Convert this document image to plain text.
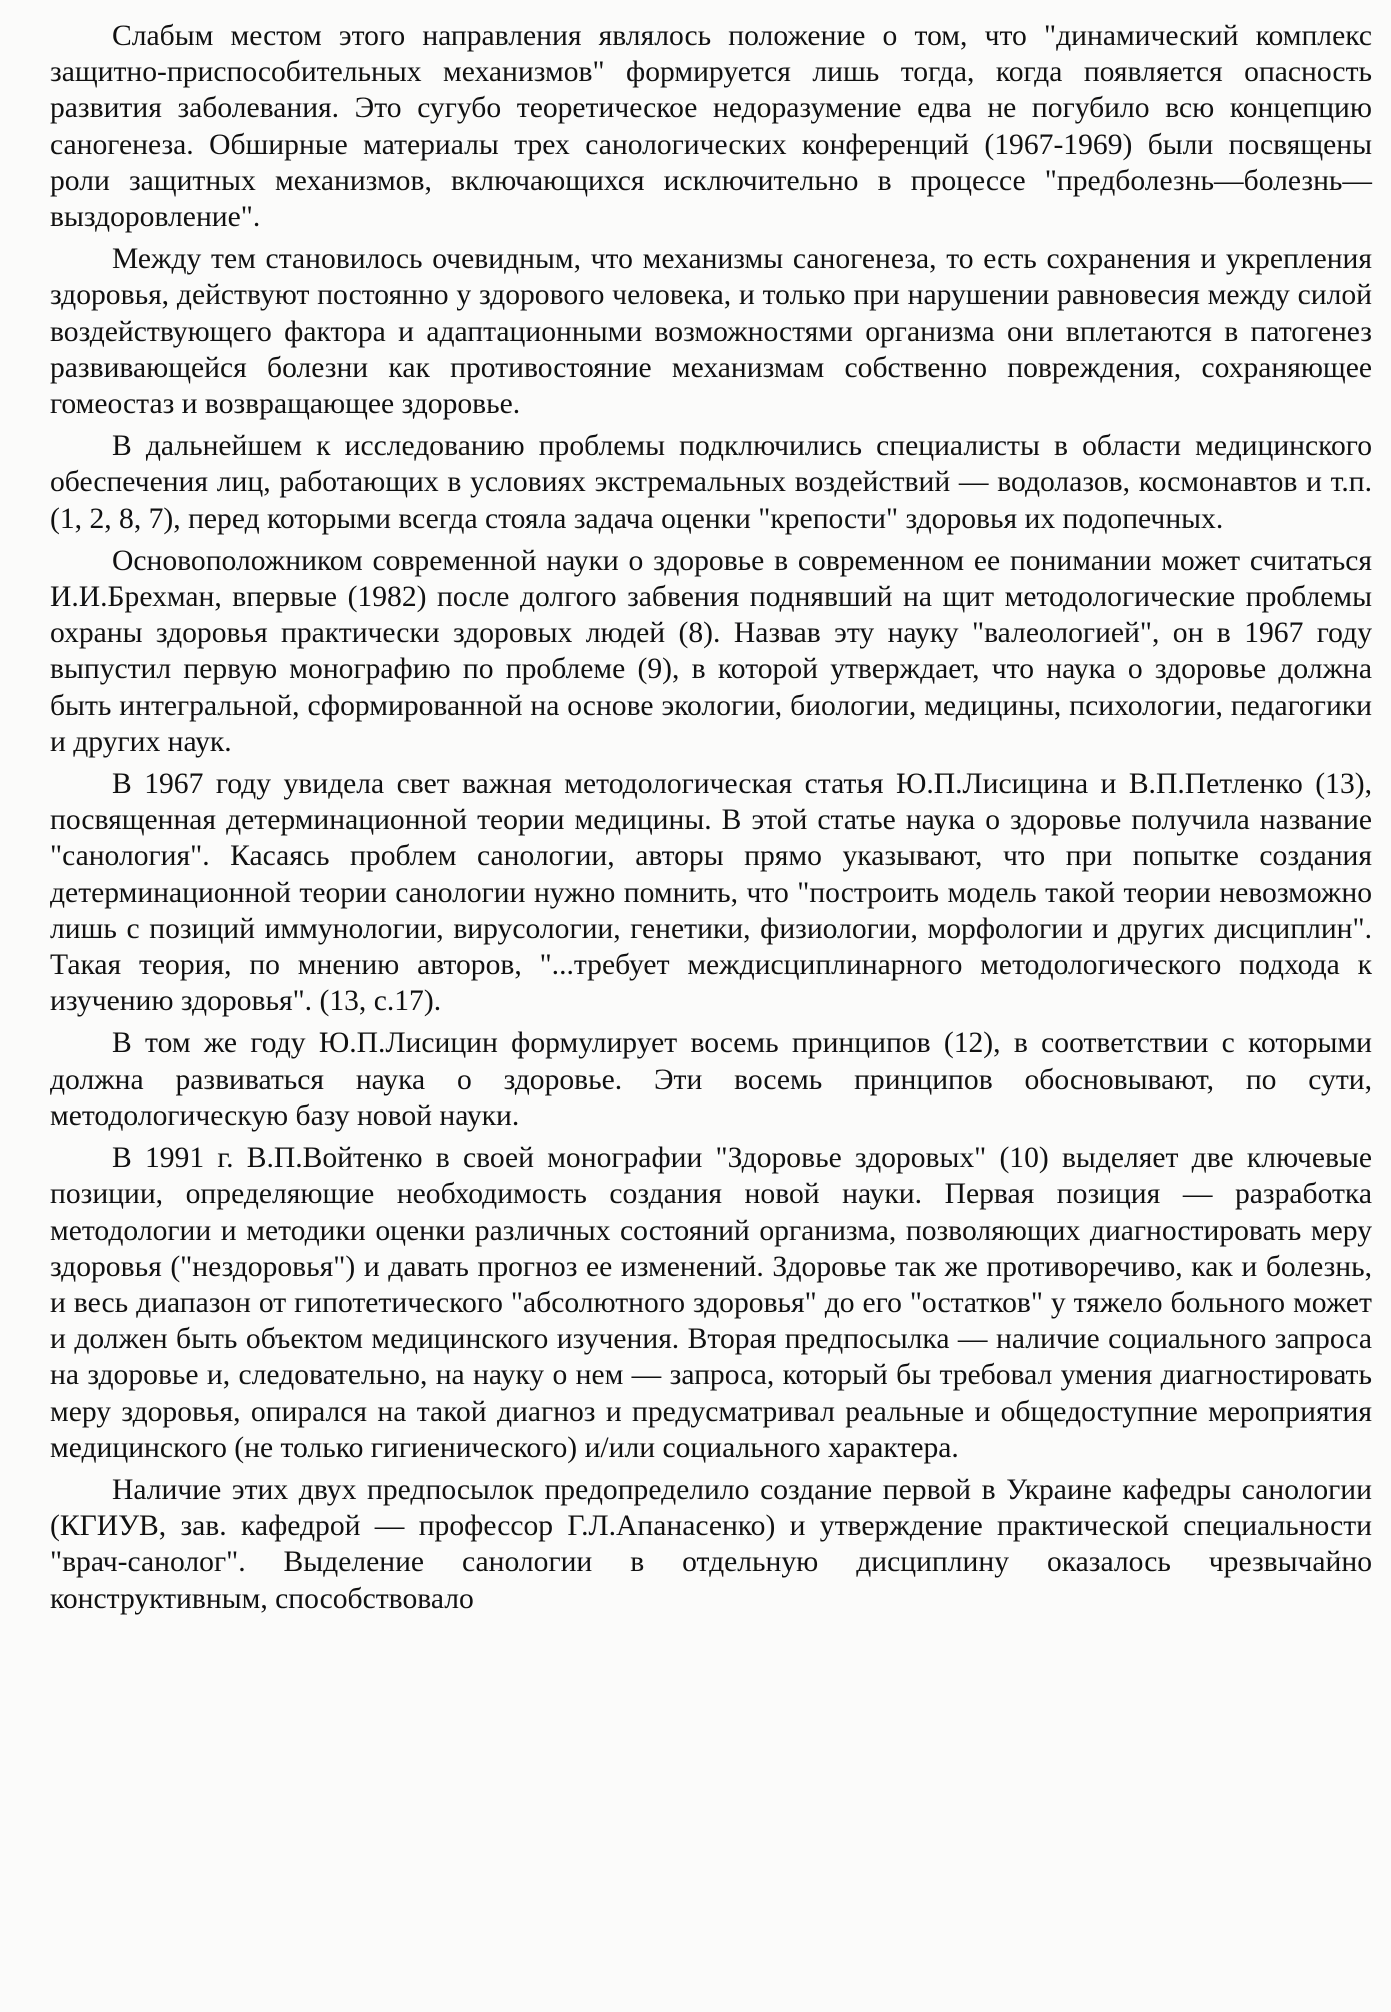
Слабым местом этого направления являлось положение о том, что "динамический комплекс защитно-приспособительных механизмов" формируется лишь тогда, когда появляется опасность развития заболевания. Это сугубо теоретическое недоразумение едва не погубило всю концепцию саногенеза. Обширные материалы трех санологических конференций (1967-1969) были посвящены роли защитных механизмов, включающихся исключительно в процессе "предболезнь—болезнь—выздоровление".

Между тем становилось очевидным, что механизмы саногенеза, то есть сохранения и укрепления здоровья, действуют постоянно у здорового человека, и только при нарушении равновесия между силой воздействующего фактора и адаптационными возможностями организма они вплетаются в патогенез развивающейся болезни как противостояние механизмам собственно повреждения, сохраняющее гомеостаз и возвращающее здоровье.

В дальнейшем к исследованию проблемы подключились специалисты в области медицинского обеспечения лиц, работающих в условиях экстремальных воздействий — водолазов, космонавтов и т.п. (1, 2, 8, 7), перед которыми всегда стояла задача оценки "крепости" здоровья их подопечных.

Основоположником современной науки о здоровье в современном ее понимании может считаться И.И.Брехман, впервые (1982) после долгого забвения поднявший на щит методологические проблемы охраны здоровья практически здоровых людей (8). Назвав эту науку "валеологией", он в 1967 году выпустил первую монографию по проблеме (9), в которой утверждает, что наука о здоровье должна быть интегральной, сформированной на основе экологии, биологии, медицины, психологии, педагогики и других наук.

В 1967 году увидела свет важная методологическая статья Ю.П.Лисицина и В.П.Петленко (13), посвященная детерминационной теории медицины. В этой статье наука о здоровье получила название "санология". Касаясь проблем санологии, авторы прямо указывают, что при попытке создания детерминационной теории санологии нужно помнить, что "построить модель такой теории невозможно лишь с позиций иммунологии, вирусологии, генетики, физиологии, морфологии и других дисциплин". Такая теория, по мнению авторов, "...требует междисциплинарного методологического подхода к изучению здоровья". (13, с.17).

В том же году Ю.П.Лисицин формулирует восемь принципов (12), в соответствии с которыми должна развиваться наука о здоровье. Эти восемь принципов обосновывают, по сути, методологическую базу новой науки.

В 1991 г. В.П.Войтенко в своей монографии "Здоровье здоровых" (10) выделяет две ключевые позиции, определяющие необходимость создания новой науки. Первая позиция — разработка методологии и методики оценки различных состояний организма, позволяющих диагностировать меру здоровья ("нездоровья") и давать прогноз ее изменений. Здоровье так же противоречиво, как и болезнь, и весь диапазон от гипотетического "абсолютного здоровья" до его "остатков" у тяжело больного может и должен быть объектом медицинского изучения. Вторая предпосылка — наличие социального запроса на здоровье и, следовательно, на науку о нем — запроса, который бы требовал умения диагностировать меру здоровья, опирался на такой диагноз и предусматривал реальные и общедоступние мероприятия медицинского (не только гигиенического) и/или социального характера.

Наличие этих двух предпосылок предопределило создание первой в Украине кафедры санологии (КГИУВ, зав. кафедрой — профессор Г.Л.Апанасенко) и утверждение практической специальности "врач-санолог". Выделение санологии в отдельную дисциплину оказалось чрезвычайно конструктивным, способствовало
